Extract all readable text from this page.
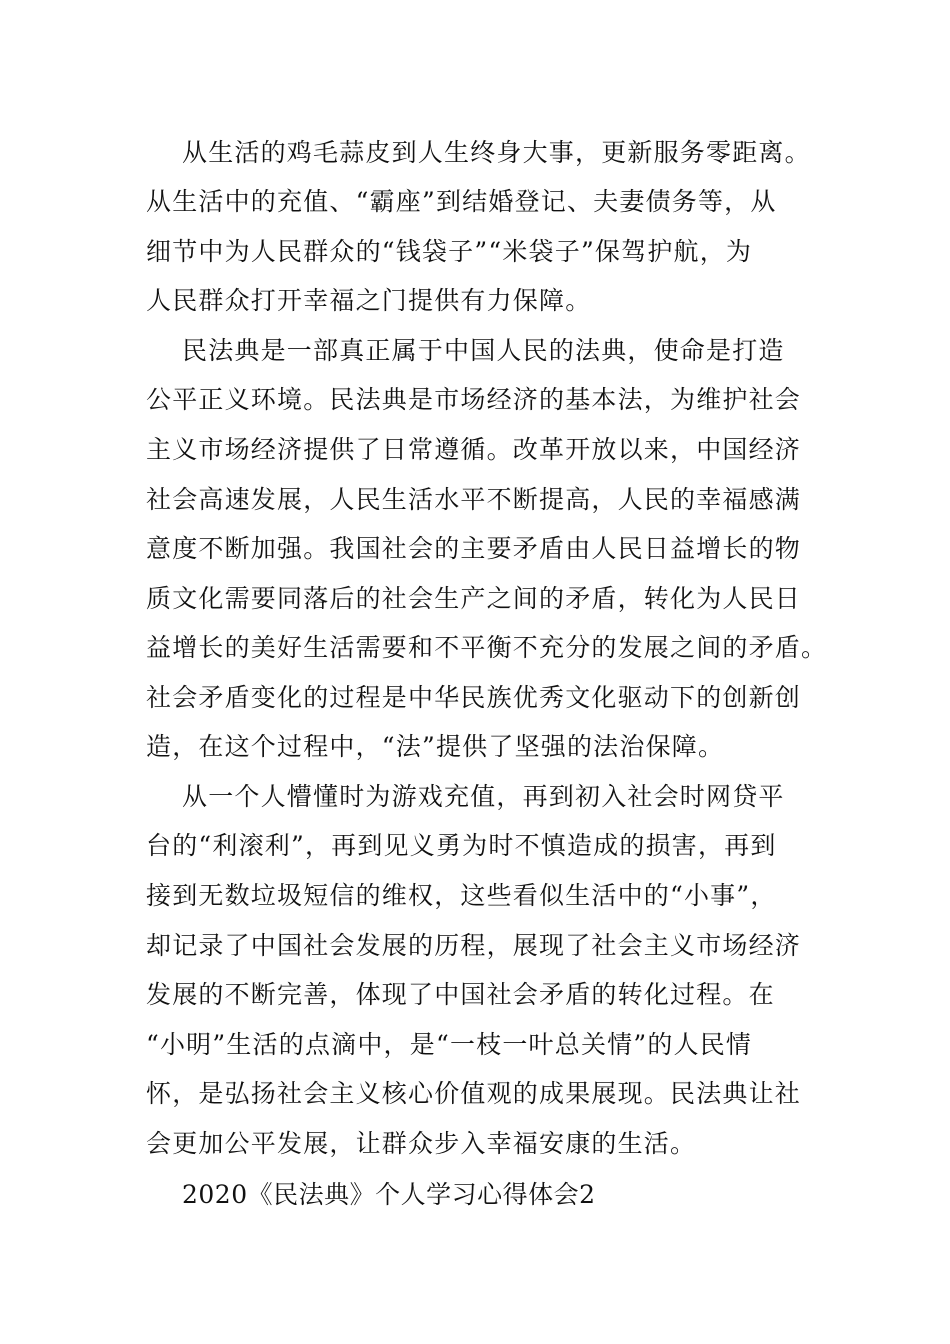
从生活的鸡毛蒜皮到人生终身大事，更新服务零距离。
从生活中的充值、“霸座”到结婚登记、夫妻债务等，从
细节中为人民群众的“钱袋子”“米袋子”保驾护航，为
人民群众打开幸福之门提供有力保障。
民法典是一部真正属于中国人民的法典，使命是打造
公平正义环境。民法典是市场经济的基本法，为维护社会
主义市场经济提供了日常遵循。改革开放以来，中国经济
社会高速发展，人民生活水平不断提高，人民的幸福感满
意度不断加强。我国社会的主要矛盾由人民日益增长的物
质文化需要同落后的社会生产之间的矛盾，转化为人民日
益增长的美好生活需要和不平衡不充分的发展之间的矛盾。
社会矛盾变化的过程是中华民族优秀文化驱动下的创新创
造，在这个过程中，“法”提供了坚强的法治保障。
从一个人懵懂时为游戏充值，再到初入社会时网贷平
台的“利滚利”，再到见义勇为时不慎造成的损害，再到
接到无数垃圾短信的维权，这些看似生活中的“小事”，
却记录了中国社会发展的历程，展现了社会主义市场经济
发展的不断完善，体现了中国社会矛盾的转化过程。在
“小明”生活的点滴中，是“一枝一叶总关情”的人民情
怀，是弘扬社会主义核心价值观的成果展现。民法典让社
会更加公平发展，让群众步入幸福安康的生活。
2020《民法典》个人学习心得体会2
